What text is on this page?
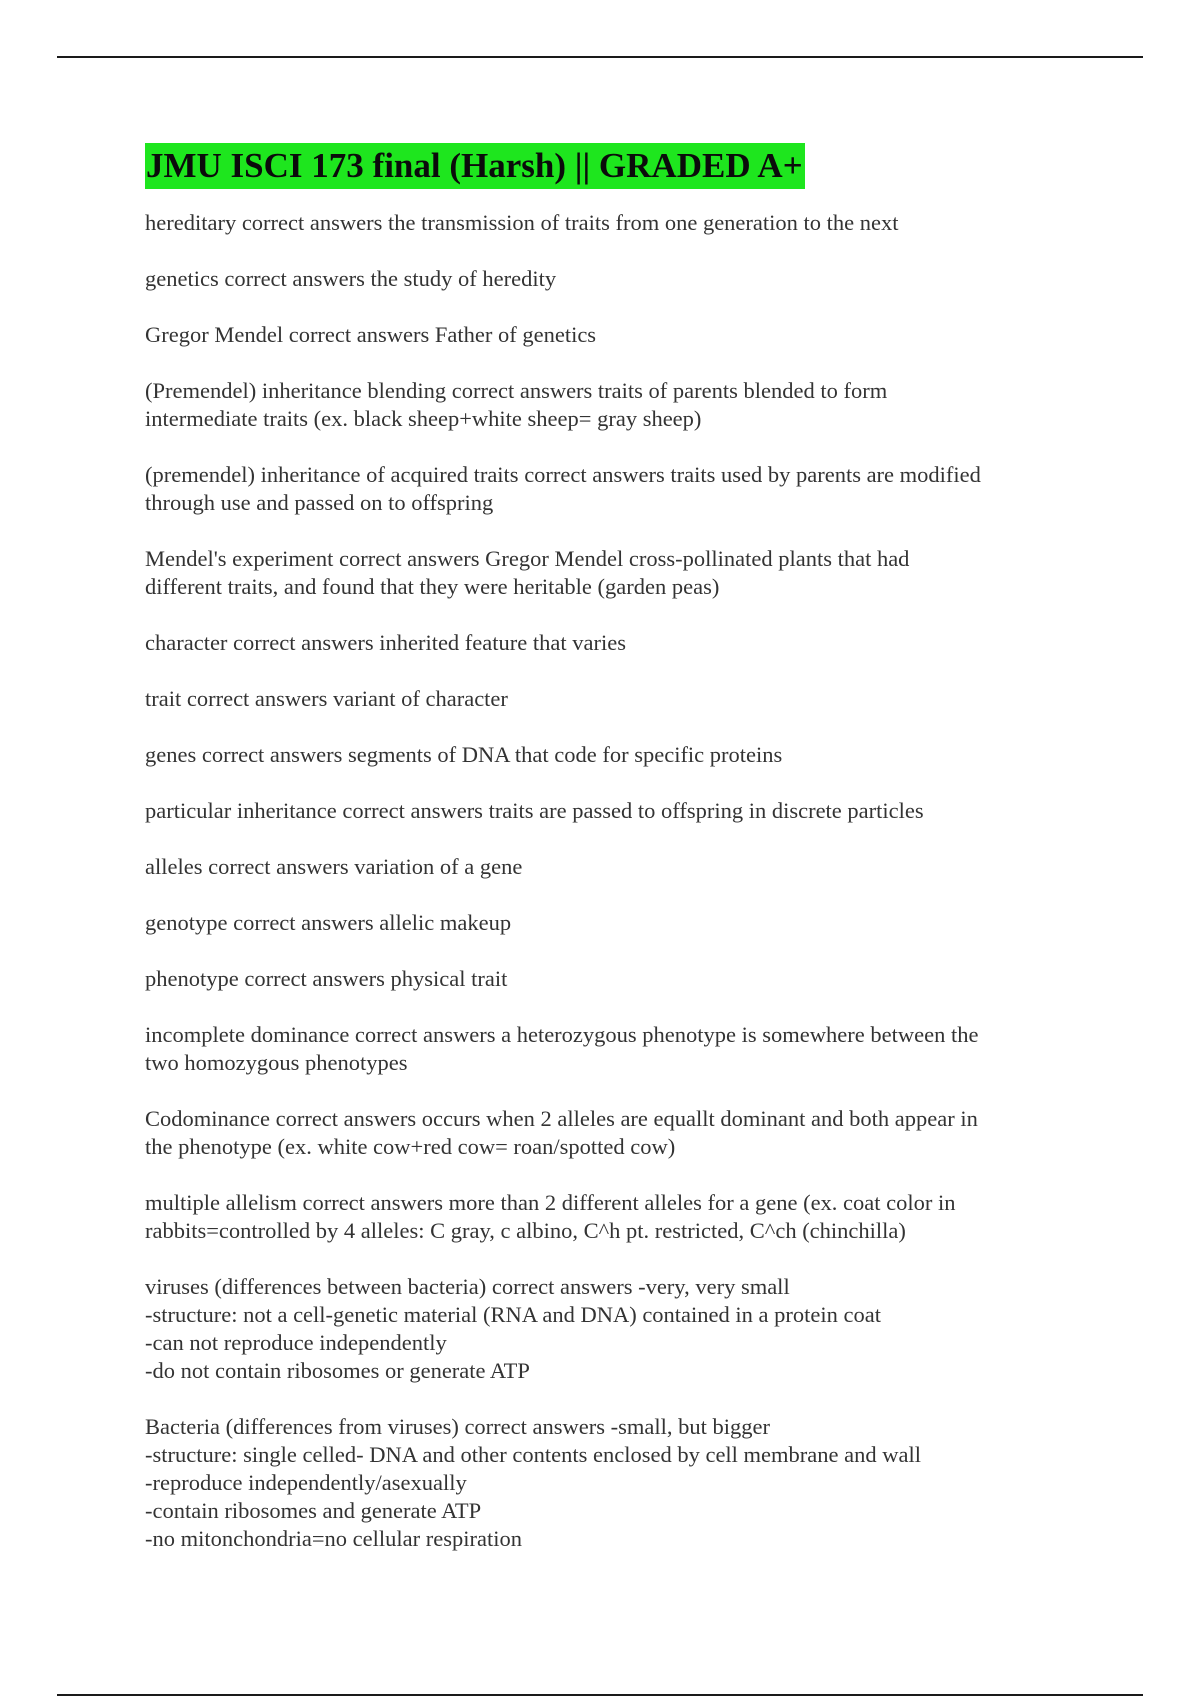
JMU ISCI 173 final (Harsh) || GRADED A+
hereditary correct answers the transmission of traits from one generation to the next
genetics correct answers the study of heredity
Gregor Mendel correct answers Father of genetics
(Premendel) inheritance blending correct answers traits of parents blended to form
intermediate traits (ex. black sheep+white sheep= gray sheep)
(premendel) inheritance of acquired traits correct answers traits used by parents are modified
through use and passed on to offspring
Mendel's experiment correct answers Gregor Mendel cross-pollinated plants that had
different traits, and found that they were heritable (garden peas)
character correct answers inherited feature that varies
trait correct answers variant of character
genes correct answers segments of DNA that code for specific proteins
particular inheritance correct answers traits are passed to offspring in discrete particles
alleles correct answers variation of a gene
genotype correct answers allelic makeup
phenotype correct answers physical trait
incomplete dominance correct answers a heterozygous phenotype is somewhere between the
two homozygous phenotypes
Codominance correct answers occurs when 2 alleles are equallt dominant and both appear in
the phenotype (ex. white cow+red cow= roan/spotted cow)
multiple allelism correct answers more than 2 different alleles for a gene (ex. coat color in
rabbits=controlled by 4 alleles: C gray, c albino, C^h pt. restricted, C^ch (chinchilla)
viruses (differences between bacteria) correct answers -very, very small
-structure: not a cell-genetic material (RNA and DNA) contained in a protein coat
-can not reproduce independently
-do not contain ribosomes or generate ATP
Bacteria (differences from viruses) correct answers -small, but bigger
-structure: single celled- DNA and other contents enclosed by cell membrane and wall
-reproduce independently/asexually
-contain ribosomes and generate ATP
-no mitonchondria=no cellular respiration
